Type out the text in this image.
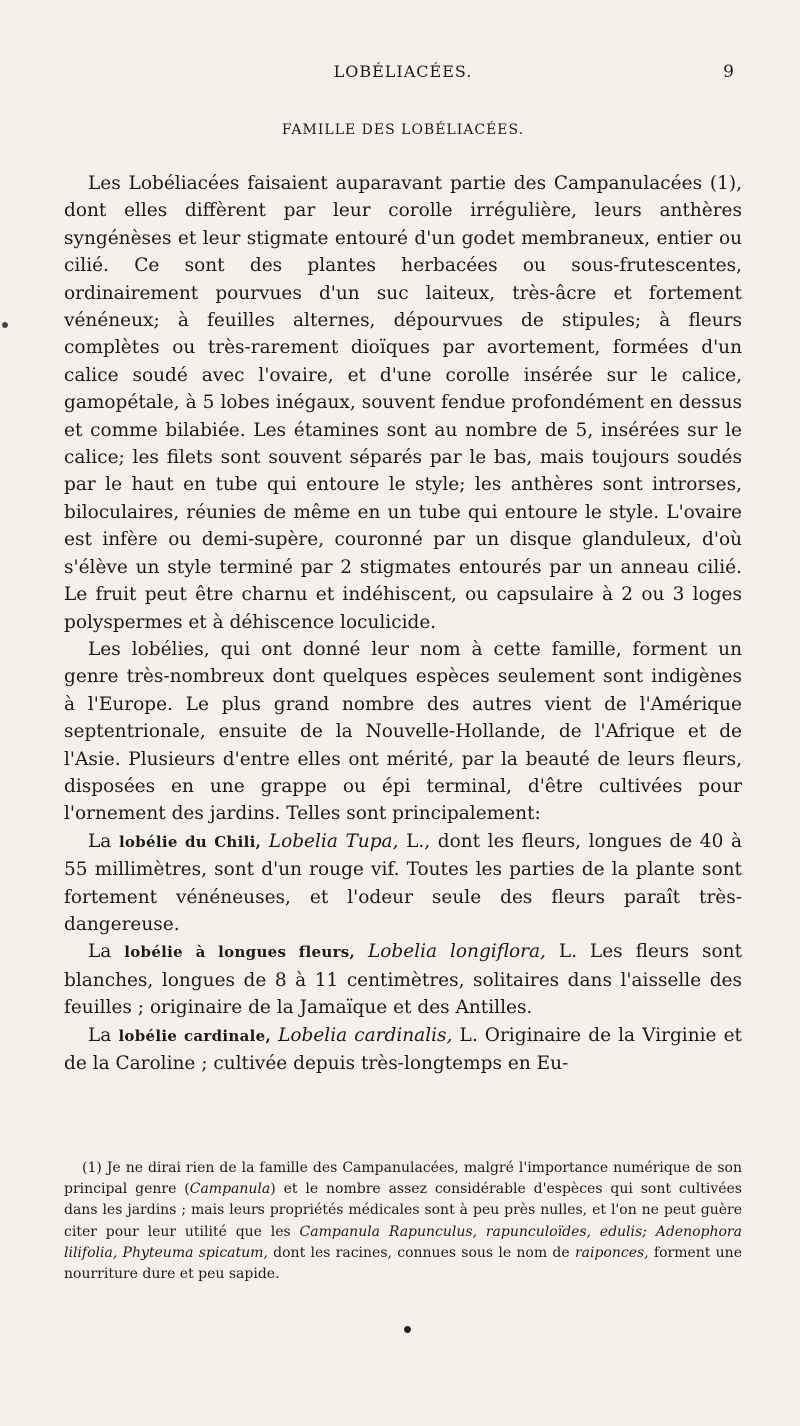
LOBÉLIACÉES.	9
FAMILLE DES LOBÉLIACÉES.

Les Lobéliacées faisaient auparavant partie des Campanulacées (1), dont elles diffèrent par leur corolle irrégulière, leurs anthères syngénèses et leur stigmate entouré d'un godet membraneux, entier ou cilié. Ce sont des plantes herbacées ou sous-frutescentes, ordinairement pourvues d'un suc laiteux, très-âcre et fortement vénéneux; à feuilles alternes, dépourvues de stipules; à fleurs complètes ou très-rarement dioïques par avortement, formées d'un calice soudé avec l'ovaire, et d'une corolle insérée sur le calice, gamopétale, à 5 lobes inégaux, souvent fendue profondément en dessus et comme bilabiée. Les étamines sont au nombre de 5, insérées sur le calice; les filets sont souvent séparés par le bas, mais toujours soudés par le haut en tube qui entoure le style; les anthères sont introrses, biloculaires, réunies de même en un tube qui entoure le style. L'ovaire est infère ou demi-supère, couronné par un disque glanduleux, d'où s'élève un style terminé par 2 stigmates entourés par un anneau cilié. Le fruit peut être charnu et indéhiscent, ou capsulaire à 2 ou 3 loges polyspermes et à déhiscence loculicide.

Les lobélies, qui ont donné leur nom à cette famille, forment un genre très-nombreux dont quelques espèces seulement sont indigènes à l'Europe. Le plus grand nombre des autres vient de l'Amérique septentrionale, ensuite de la Nouvelle-Hollande, de l'Afrique et de l'Asie. Plusieurs d'entre elles ont mérité, par la beauté de leurs fleurs, disposées en une grappe ou épi terminal, d'être cultivées pour l'ornement des jardins. Telles sont principalement:

La lobélie du Chili, Lobelia Tupa, L., dont les fleurs, longues de 40 à 55 millimètres, sont d'un rouge vif. Toutes les parties de la plante sont fortement vénéneuses, et l'odeur seule des fleurs paraît très-dangereuse.

La lobélie à longues fleurs, Lobelia longiflora, L. Les fleurs sont blanches, longues de 8 à 11 centimètres, solitaires dans l'aisselle des feuilles ; originaire de la Jamaïque et des Antilles.

La lobélie cardinale, Lobelia cardinalis, L. Originaire de la Virginie et de la Caroline ; cultivée depuis très-longtemps en Eu-

(1) Je ne dirai rien de la famille des Campanulacées, malgré l'importance numérique de son principal genre (Campanula) et le nombre assez considérable d'espèces qui sont cultivées dans les jardins ; mais leurs propriétés médicales sont à peu près nulles, et l'on ne peut guère citer pour leur utilité que les Campanula Rapunculus, rapunculoïdes, edulis; Adenophora lilifolia, Phyteuma spicatum, dont les racines, connues sous le nom de raiponces, forment une nourriture dure et peu sapide.
